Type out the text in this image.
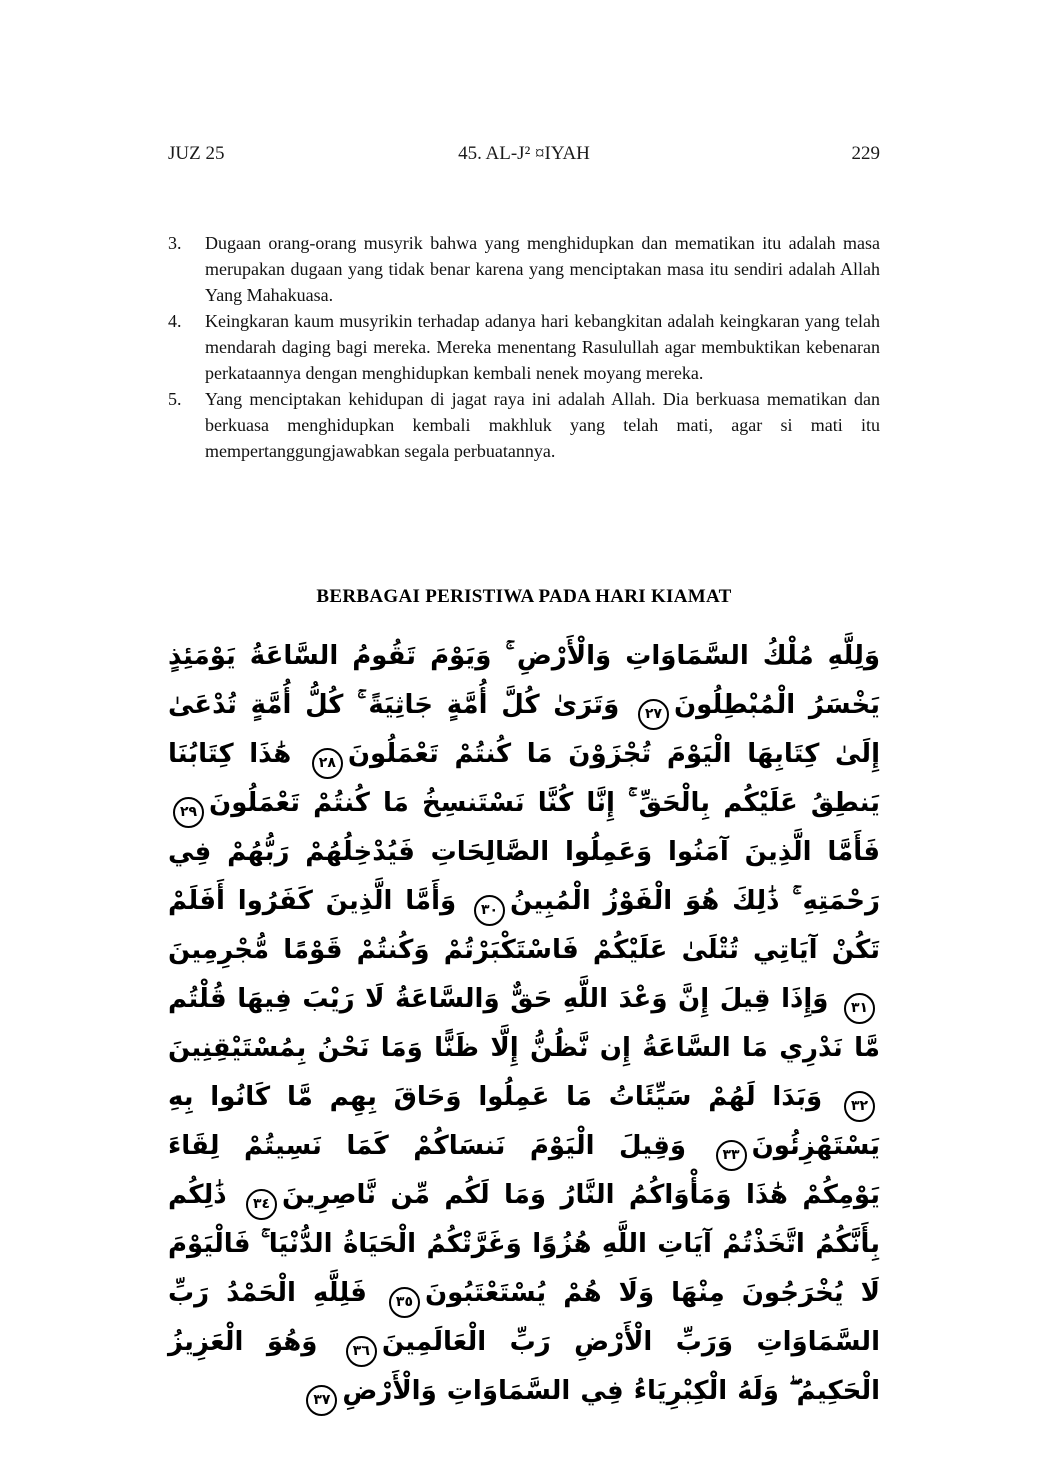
JUZ 25	45. AL-J² ¤IYAH	229
3. Dugaan orang-orang musyrik bahwa yang menghidupkan dan mematikan itu adalah masa merupakan dugaan yang tidak benar karena yang menciptakan masa itu sendiri adalah Allah Yang Mahakuasa.
4. Keingkaran kaum musyrikin terhadap adanya hari kebangkitan adalah keingkaran yang telah mendarah daging bagi mereka. Mereka menentang Rasulullah agar membuktikan kebenaran perkataannya dengan menghidupkan kembali nenek moyang mereka.
5. Yang menciptakan kehidupan di jagat raya ini adalah Allah. Dia berkuasa mematikan dan berkuasa menghidupkan kembali makhluk yang telah mati, agar si mati itu mempertanggungjawabkan segala perbuatannya.
BERBAGAI PERISTIWA PADA HARI KIAMAT
وَلِلَّهِ مُلْكُ السَّمَاوَاتِ وَالْأَرْضِ ۚ وَيَوْمَ تَقُومُ السَّاعَةُ يَوْمَئِذٍ يَخْسَرُ الْمُبْطِلُونَ
٢٧
وَتَرَىٰ كُلَّ أُمَّةٍ جَاثِيَةً ۚ كُلُّ أُمَّةٍ تُدْعَىٰ إِلَىٰ كِتَابِهَا الْيَوْمَ تُجْزَوْنَ مَا كُنتُمْ تَعْمَلُونَ
٢٨
هَٰذَا كِتَابُنَا يَنطِقُ عَلَيْكُم بِالْحَقِّ ۚ إِنَّا كُنَّا نَسْتَنسِخُ مَا كُنتُمْ تَعْمَلُونَ
٢٩
فَأَمَّا الَّذِينَ آمَنُوا وَعَمِلُوا الصَّالِحَاتِ فَيُدْخِلُهُمْ رَبُّهُمْ فِي رَحْمَتِهِ ۚ ذَٰلِكَ هُوَ الْفَوْزُ الْمُبِينُ
٣٠
وَأَمَّا الَّذِينَ كَفَرُوا أَفَلَمْ تَكُنْ آيَاتِي تُتْلَىٰ عَلَيْكُمْ فَاسْتَكْبَرْتُمْ وَكُنتُمْ قَوْمًا مُّجْرِمِينَ
٣١
وَإِذَا قِيلَ إِنَّ وَعْدَ اللَّهِ حَقٌّ وَالسَّاعَةُ لَا رَيْبَ فِيهَا قُلْتُم مَّا نَدْرِي مَا السَّاعَةُ إِن نَّظُنُّ إِلَّا ظَنًّا وَمَا نَحْنُ بِمُسْتَيْقِنِينَ
٣٢
وَبَدَا لَهُمْ سَيِّئَاتُ مَا عَمِلُوا وَحَاقَ بِهِم مَّا كَانُوا بِهِ يَسْتَهْزِئُونَ
٣٣
وَقِيلَ الْيَوْمَ نَنسَاكُمْ كَمَا نَسِيتُمْ لِقَاءَ يَوْمِكُمْ هَٰذَا وَمَأْوَاكُمُ النَّارُ وَمَا لَكُم مِّن نَّاصِرِينَ
٣٤
ذَٰلِكُم بِأَنَّكُمُ اتَّخَذْتُمْ آيَاتِ اللَّهِ هُزُوًا وَغَرَّتْكُمُ الْحَيَاةُ الدُّنْيَا ۚ فَالْيَوْمَ لَا يُخْرَجُونَ مِنْهَا وَلَا هُمْ يُسْتَعْتَبُونَ
٣٥
فَلِلَّهِ الْحَمْدُ رَبِّ السَّمَاوَاتِ وَرَبِّ الْأَرْضِ رَبِّ الْعَالَمِينَ
٣٦
وَهُوَ الْعَزِيزُ الْحَكِيمُ ۖ وَلَهُ الْكِبْرِيَاءُ فِي السَّمَاوَاتِ وَالْأَرْضِ
٣٧
